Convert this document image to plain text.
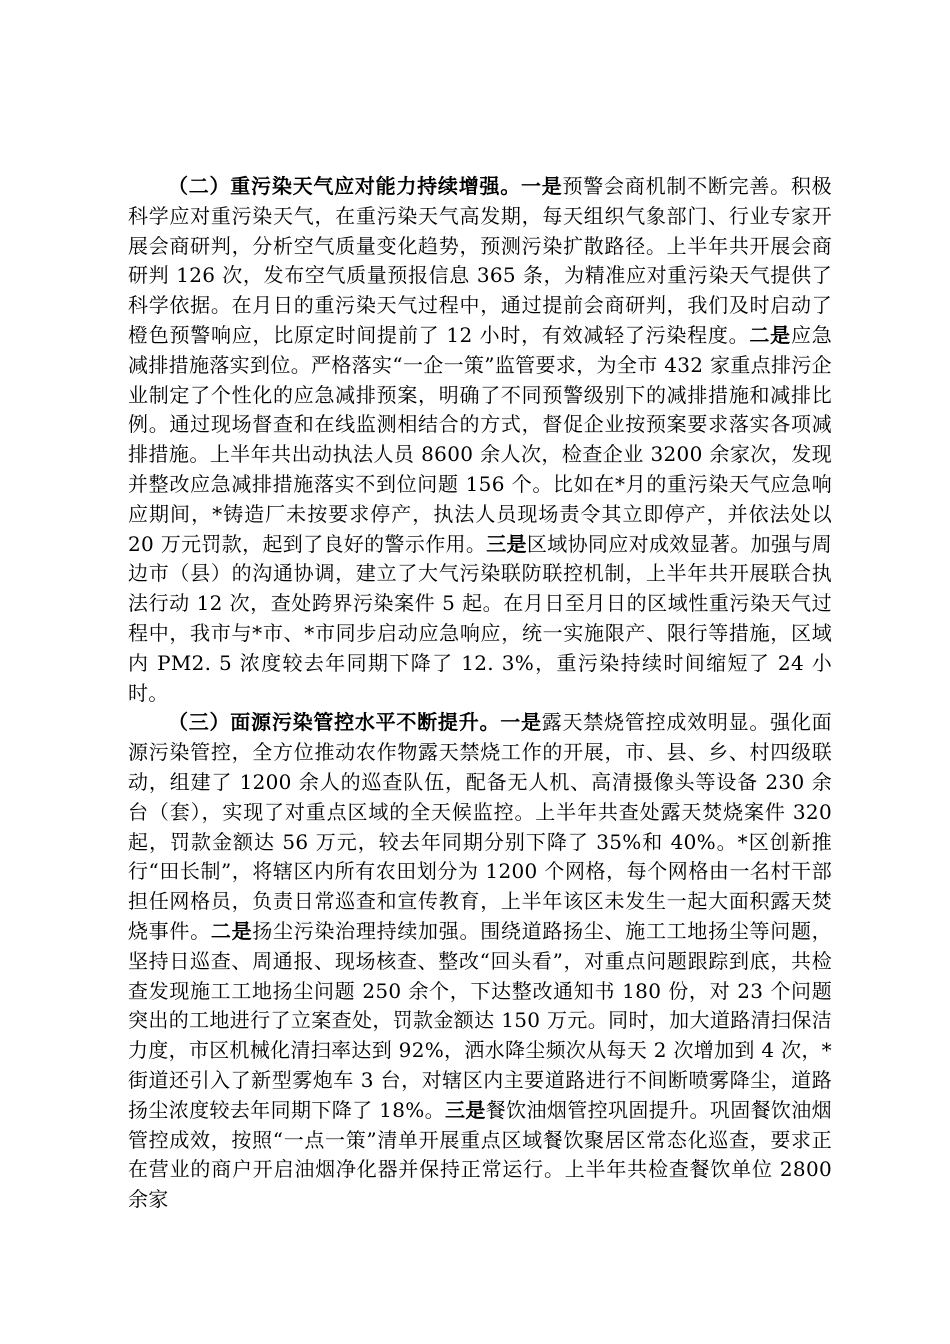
（二）重污染天气应对能力持续增强。一是预警会商机制不断完善。积极科学应对重污染天气，在重污染天气高发期，每天组织气象部门、行业专家开展会商研判，分析空气质量变化趋势，预测污染扩散路径。上半年共开展会商研判 126 次，发布空气质量预报信息 365 条，为精准应对重污染天气提供了科学依据。在月日的重污染天气过程中，通过提前会商研判，我们及时启动了橙色预警响应，比原定时间提前了 12 小时，有效减轻了污染程度。二是应急减排措施落实到位。严格落实“一企一策”监管要求，为全市 432 家重点排污企业制定了个性化的应急减排预案，明确了不同预警级别下的减排措施和减排比例。通过现场督查和在线监测相结合的方式，督促企业按预案要求落实各项减排措施。上半年共出动执法人员 8600 余人次，检查企业 3200 余家次，发现并整改应急减排措施落实不到位问题 156 个。比如在*月的重污染天气应急响应期间，*铸造厂未按要求停产，执法人员现场责令其立即停产，并依法处以 20 万元罚款，起到了良好的警示作用。三是区域协同应对成效显著。加强与周边市（县）的沟通协调，建立了大气污染联防联控机制，上半年共开展联合执法行动 12 次，查处跨界污染案件 5 起。在月日至月日的区域性重污染天气过程中，我市与*市、*市同步启动应急响应，统一实施限产、限行等措施，区域内 PM2. 5 浓度较去年同期下降了 12. 3%，重污染持续时间缩短了 24 小时。

（三）面源污染管控水平不断提升。一是露天禁烧管控成效明显。强化面源污染管控，全方位推动农作物露天禁烧工作的开展，市、县、乡、村四级联动，组建了 1200 余人的巡查队伍，配备无人机、高清摄像头等设备 230 余台（套），实现了对重点区域的全天候监控。上半年共查处露天焚烧案件 320 起，罚款金额达 56 万元，较去年同期分别下降了 35%和 40%。*区创新推行“田长制”，将辖区内所有农田划分为 1200 个网格，每个网格由一名村干部担任网格员，负责日常巡查和宣传教育，上半年该区未发生一起大面积露天焚烧事件。二是扬尘污染治理持续加强。围绕道路扬尘、施工工地扬尘等问题，坚持日巡查、周通报、现场核查、整改“回头看”，对重点问题跟踪到底，共检查发现施工工地扬尘问题 250 余个，下达整改通知书 180 份，对 23 个问题突出的工地进行了立案查处，罚款金额达 150 万元。同时，加大道路清扫保洁力度，市区机械化清扫率达到 92%，洒水降尘频次从每天 2 次增加到 4 次，*街道还引入了新型雾炮车 3 台，对辖区内主要道路进行不间断喷雾降尘，道路扬尘浓度较去年同期下降了 18%。三是餐饮油烟管控巩固提升。巩固餐饮油烟管控成效，按照“一点一策”清单开展重点区域餐饮聚居区常态化巡查，要求正在营业的商户开启油烟净化器并保持正常运行。上半年共检查餐饮单位 2800 余家
